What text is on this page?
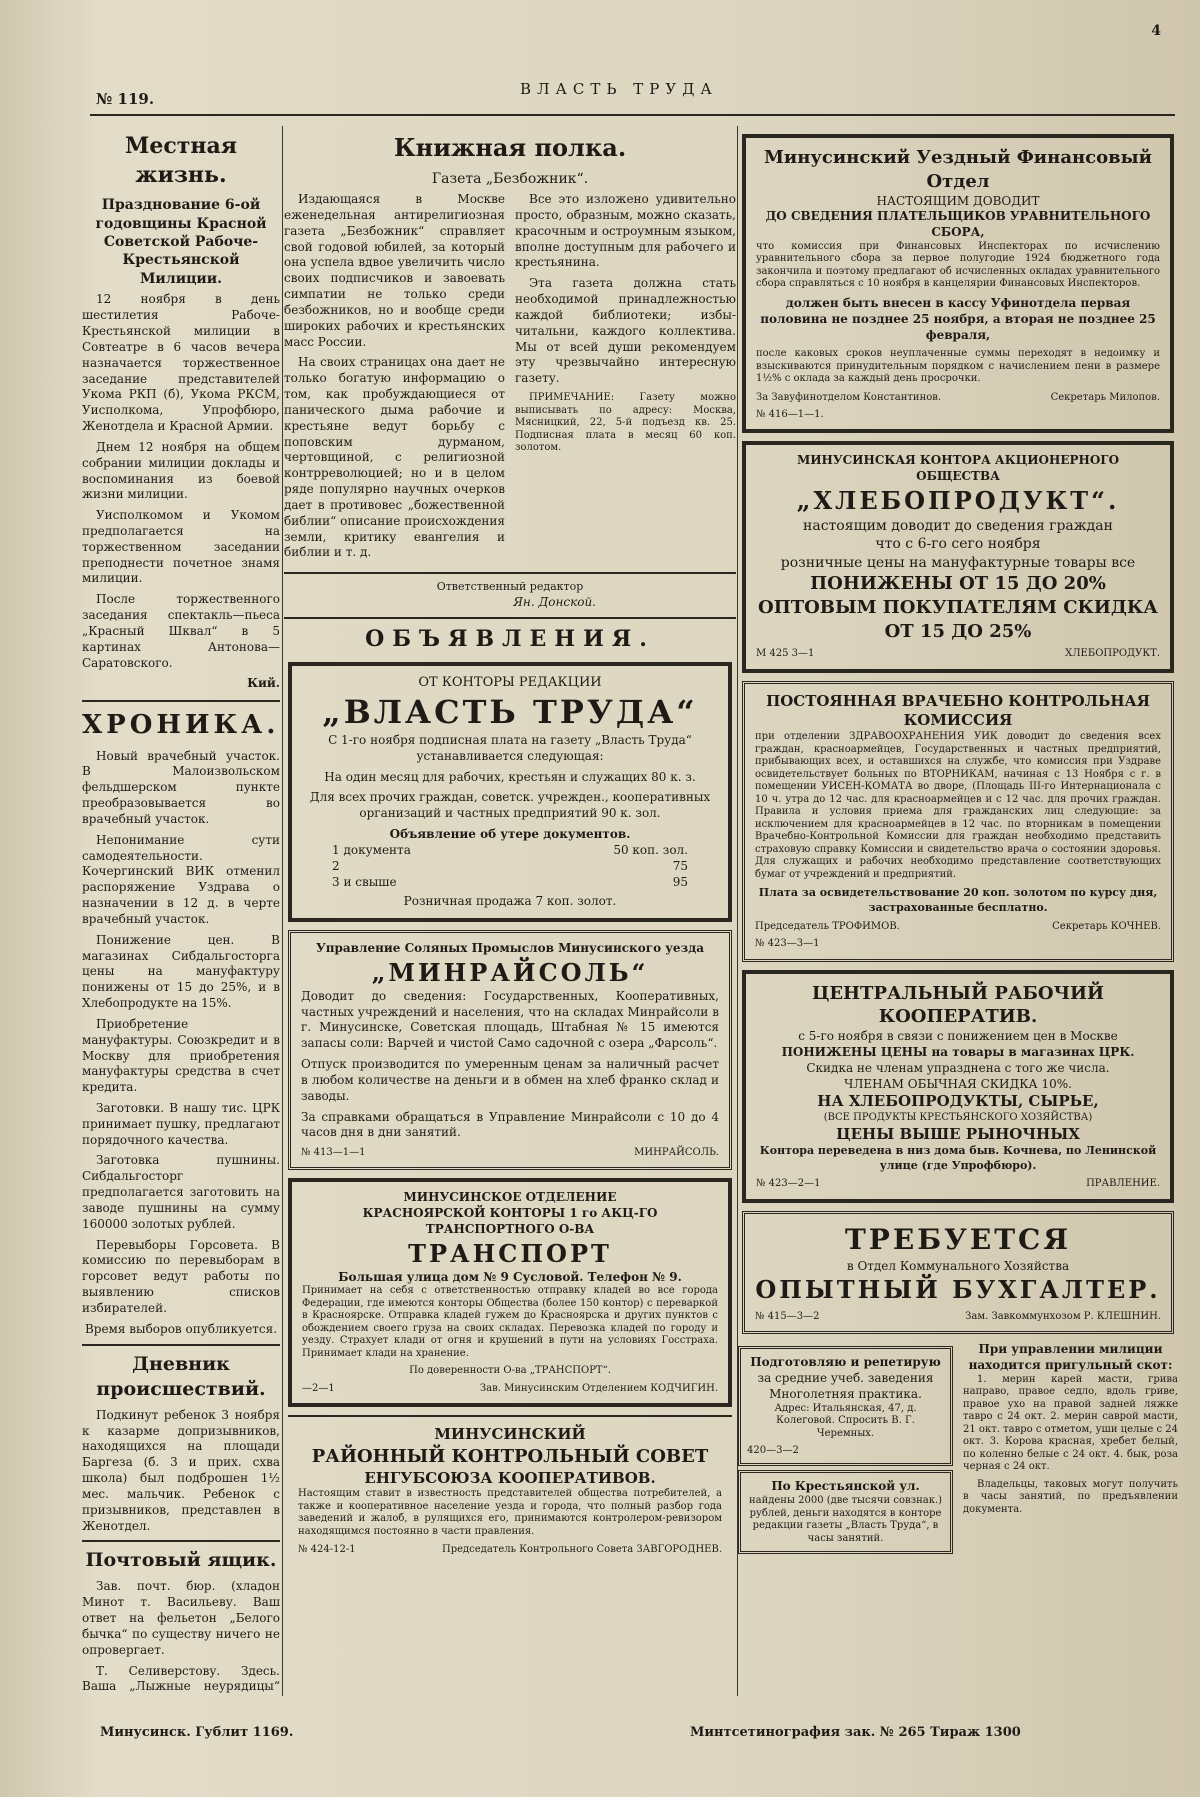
№ 119.
ВЛАСТЬ ТРУДА
4
Местная жизнь.
Празднование 6-ой годовщины Красной Советской Рабоче-Крестьянской Милиции.

12 ноября в день шестилетия Рабоче-Крестьянской милиции в Совтеатре в 6 часов вечера назначается торжественное заседание представителей Укома РКП (б), Укома РКСМ, Уисполкома, Упрофбюро, Женотдела и Красной Армии.

Днем 12 ноября на общем собрании милиции доклады и воспоминания из боевой жизни милиции.

Уисполкомом и Укомом предполагается на торжественном заседании преподнести почетное знамя милиции.

После торжественного заседания спектакль—пьеса „Красный Шквал“ в 5 картинах Антонова—Саратовского.

Кий.
ХРОНИКА.

Новый врачебный участок. В Малоизвольском фельдшерском пункте преобразовывается во врачебный участок.

Непонимание сути самодеятельности. Кочергинский ВИК отменил распоряжение Уздрава о назначении в 12 д. в черте врачебный участок.

Понижение цен. В магазинах Сибдальгосторга цены на мануфактуру понижены от 15 до 25%, и в Хлебопродукте на 15%.

Приобретение мануфактуры. Союзкредит и в Москву для приобретения мануфактуры средства в счет кредита.

Заготовки. В нашу тис. ЦРК принимает пушку, предлагают порядочного качества.

Заготовка пушнины. Сибдальгосторг предполагается заготовить на заводе пушнины на сумму 160000 золотых рублей.

Перевыборы Горсовета. В комиссию по перевыборам в горсовет ведут работы по выявлению списков избирателей.

Время выборов опубликуется.

Дневник происшествий.

Подкинут ребенок 3 ноября к казарме допризывников, находящихся на площади Баргеза (б. 3 и прих. схва школа) был подброшен 1½ мес. мальчик. Ребенок с призывников, представлен в Женотдел.

Почтовый ящик.

Зав. почт. бюр. (хладон Минот т. Васильеву. Ваш ответ на фельетон „Белого бычка“ по существу ничего не опровергает.

Т. Селиверстову. Здесь. Ваша „Лыжные неурядицы“

Книжная полка.
Газета „Безбожник“.

Издающаяся в Москве еженедельная антирелигиозная газета „Безбожник“ справляет свой годовой юбилей, за который она успела вдвое увеличить число своих подписчиков и завоевать симпатии не только среди безбожников, но и вообще среди широких рабочих и крестьянских масс России.

На своих страницах она дает не только богатую информацию о том, как пробуждающиеся от панического дыма рабочие и крестьяне ведут борьбу с поповским дурманом, чертовщиной, с религиозной контрреволюцией; но и в целом ряде популярно научных очерков дает в противовес „божественной библии“ описание происхождения земли, критику евангелия и библии и т. д.

Все это изложено удивительно просто, образным, можно сказать, красочным и остроумным языком, вполне доступным для рабочего и крестьянина.

Эта газета должна стать необходимой принадлежностью каждой библиотеки; избы-читальни, каждого коллектива. Мы от всей души рекомендуем эту чрезвычайно интересную газету.

ПРИМЕЧАНИЕ: Газету можно выписывать по адресу: Москва, Мясницкий, 22, 5-й подъезд кв. 25. Подписная плата в месяц 60 коп. золотом.

Ответственный редактор
Ян. Донской.
ОБЪЯВЛЕНИЯ.
ОТ КОНТОРЫ РЕДАКЦИИ
„ВЛАСТЬ ТРУДА“

С 1-го ноября подписная плата на газету „Власть Труда“ устанавливается следующая:

На один месяц для рабочих, крестьян и служащих 80 к. з.

Для всех прочих граждан, советск. учрежден., кооперативных организаций и частных предприятий 90 к. зол.

Объявление об утере документов.
1 документа	50 коп. зол.
2	75
3 и свыше	95
Розничная продажа 7 коп. золот.
Управление Соляных Промыслов Минусинского уезда
„МИНРАЙСОЛЬ“

Доводит до сведения: Государственных, Кооперативных, частных учреждений и населения, что на складах Минрайсоли в г. Минусинске, Советская площадь, Штабная № 15 имеются запасы соли: Варчей и чистой Само садочной с озера „Фарсоль“.

Отпуск производится по умеренным ценам за наличный расчет в любом количестве на деньги и в обмен на хлеб франко склад и заводы.

За справками обращаться в Управление Минрайсоли с 10 до 4 часов дня в дни занятий.

№ 413—1—1	МИНРАЙСОЛЬ.
МИНУСИНСКОЕ ОТДЕЛЕНИЕ
КРАСНОЯРСКОЙ КОНТОРЫ 1 го АКЦ-ГО ТРАНСПОРТНОГО О-ВА
ТРАНСПОРТ
Большая улица дом № 9 Сусловой. Телефон № 9.

Принимает на себя с ответственностью отправку кладей во все города Федерации, где имеются конторы Общества (более 150 контор) с переваркой в Красноярске. Отправка кладей гужем до Красноярска и других пунктов с обождением своего груза на своих складах. Перевозка кладей по городу и уезду. Страхует клади от огня и крушений в пути на условиях Госстраха. Принимает клади на хранение.

По доверенности О-ва „ТРАНСПОРТ“.
—2—1	Зав. Минусинским Отделением КОДЧИГИН.
МИНУСИНСКИЙ
РАЙОННЫЙ КОНТРОЛЬНЫЙ СОВЕТ
ЕНГУБСОЮЗА КООПЕРАТИВОВ.

Настоящим ставит в известность представителей общества потребителей, а также и кооперативное население уезда и города, что полный разбор года заведений и жалоб, в рулящихся его, принимаются контролером-ревизором находящимся постоянно в части правления.

№ 424-12-1	Председатель Контрольного Совета ЗАВГОРОДНЕВ.
Минусинский Уездный Финансовый Отдел
НАСТОЯЩИМ ДОВОДИТ
ДО СВЕДЕНИЯ ПЛАТЕЛЬЩИКОВ УРАВНИТЕЛЬНОГО СБОРА,

что комиссия при Финансовых Инспекторах по исчислению уравнительного сбора за первое полугодие 1924 бюджетного года закончила и поэтому предлагают об исчисленных окладах уравнительного сбора справляться с 10 ноября в канцелярии Финансовых Инспекторов.

должен быть внесен в кассу Уфинотдела первая половина не позднее 25 ноября, а вторая не позднее 25 февраля,

после каковых сроков неуплаченные суммы переходят в недоимку и взыскиваются принудительным порядком с начислением пени в размере 1½% с оклада за каждый день просрочки.

За Завуфинотделом Константинов.	Секретарь Милопов.
№ 416—1—1.
МИНУСИНСКАЯ КОНТОРА АКЦИОНЕРНОГО ОБЩЕСТВА
„ХЛЕБОПРОДУКТ“.
настоящим доводит до сведения граждан
что с 6-го сего ноября
розничные цены на мануфактурные товары все
ПОНИЖЕНЫ ОТ 15 ДО 20%
ОПТОВЫМ ПОКУПАТЕЛЯМ СКИДКА ОТ 15 ДО 25%
М 425 3—1	ХЛЕБОПРОДУКТ.
ПОСТОЯННАЯ ВРАЧЕБНО КОНТРОЛЬНАЯ КОМИССИЯ

при отделении ЗДРАВООХРАНЕНИЯ УИК доводит до сведения всех граждан, красноармейцев, Государственных и частных предприятий, прибывающих всех, и оставшихся на службе, что комиссия при Уздраве освидетельствует больных по ВТОРНИКАМ, начиная с 13 Ноября с г. в помещении УИСЕН-КОМАТА во дворе, (Площадь III-го Интернационала с 10 ч. утра до 12 час. для красноармейцев и с 12 час. для прочих граждан. Правила и условия приема для гражданских лиц следующие: за исключением для красноармейцев в 12 час. по вторникам в помещении Врачебно-Контрольной Комиссии для граждан необходимо представить страховую справку Комиссии и свидетельство врача о состоянии здоровья. Для служащих и рабочих необходимо представление соответствующих бумаг от учреждений и предприятий.

Плата за освидетельствование 20 коп. золотом по курсу дня, застрахованные бесплатно.

Председатель ТРОФИМОВ.	Секретарь КОЧНЕВ.
№ 423—3—1
ЦЕНТРАЛЬНЫЙ РАБОЧИЙ КООПЕРАТИВ.
с 5-го ноября в связи с понижением цен в Москве
ПОНИЖЕНЫ ЦЕНЫ на товары в магазинах ЦРК.
Скидка не членам упразднена с того же числа.
ЧЛЕНАМ ОБЫЧНАЯ СКИДКА 10%.
НА ХЛЕБОПРОДУКТЫ, СЫРЬЕ,
(ВСЕ ПРОДУКТЫ КРЕСТЬЯНСКОГО ХОЗЯЙСТВА)
ЦЕНЫ ВЫШЕ РЫНОЧНЫХ
Контора переведена в низ дома быв. Кочнева, по Ленинской улице (где Упрофбюро).
№ 423—2—1	ПРАВЛЕНИЕ.
ТРЕБУЕТСЯ
в Отдел Коммунального Хозяйства
ОПЫТНЫЙ БУХГАЛТЕР.
№ 415—3—2	Зам. Завкоммунхозом Р. КЛЕШНИН.
Подготовляю и репетирую
за средние учеб. заведения
Многолетняя практика.
Адрес: Итальянская, 47, д. Колеговой. Спросить В. Г. Черемных.
420—3—2
По Крестьянской ул.
найдены 2000 (две тысячи совзнак.) рублей, деньги находятся в конторе редакции газеты „Власть Труда“, в часы занятий.
При управлении милиции находится пригульный скот:

1. мерин карей масти, грива направо, правое седло, вдоль гриве, правое ухо на правой задней ляжке тавро с 24 окт. 2. мерин саврой масти, 21 окт. тавро с отметом, уши целые с 24 окт. 3. Корова красная, хребет белый, по коленно белые с 24 окт. 4. бык, роза черная с 24 окт.

Владельцы, таковых могут получить в часы занятий, по предъявлении документа.

Минусинск. Гублит 1169.	Минтсетинография зак. № 265 Тираж 1300
